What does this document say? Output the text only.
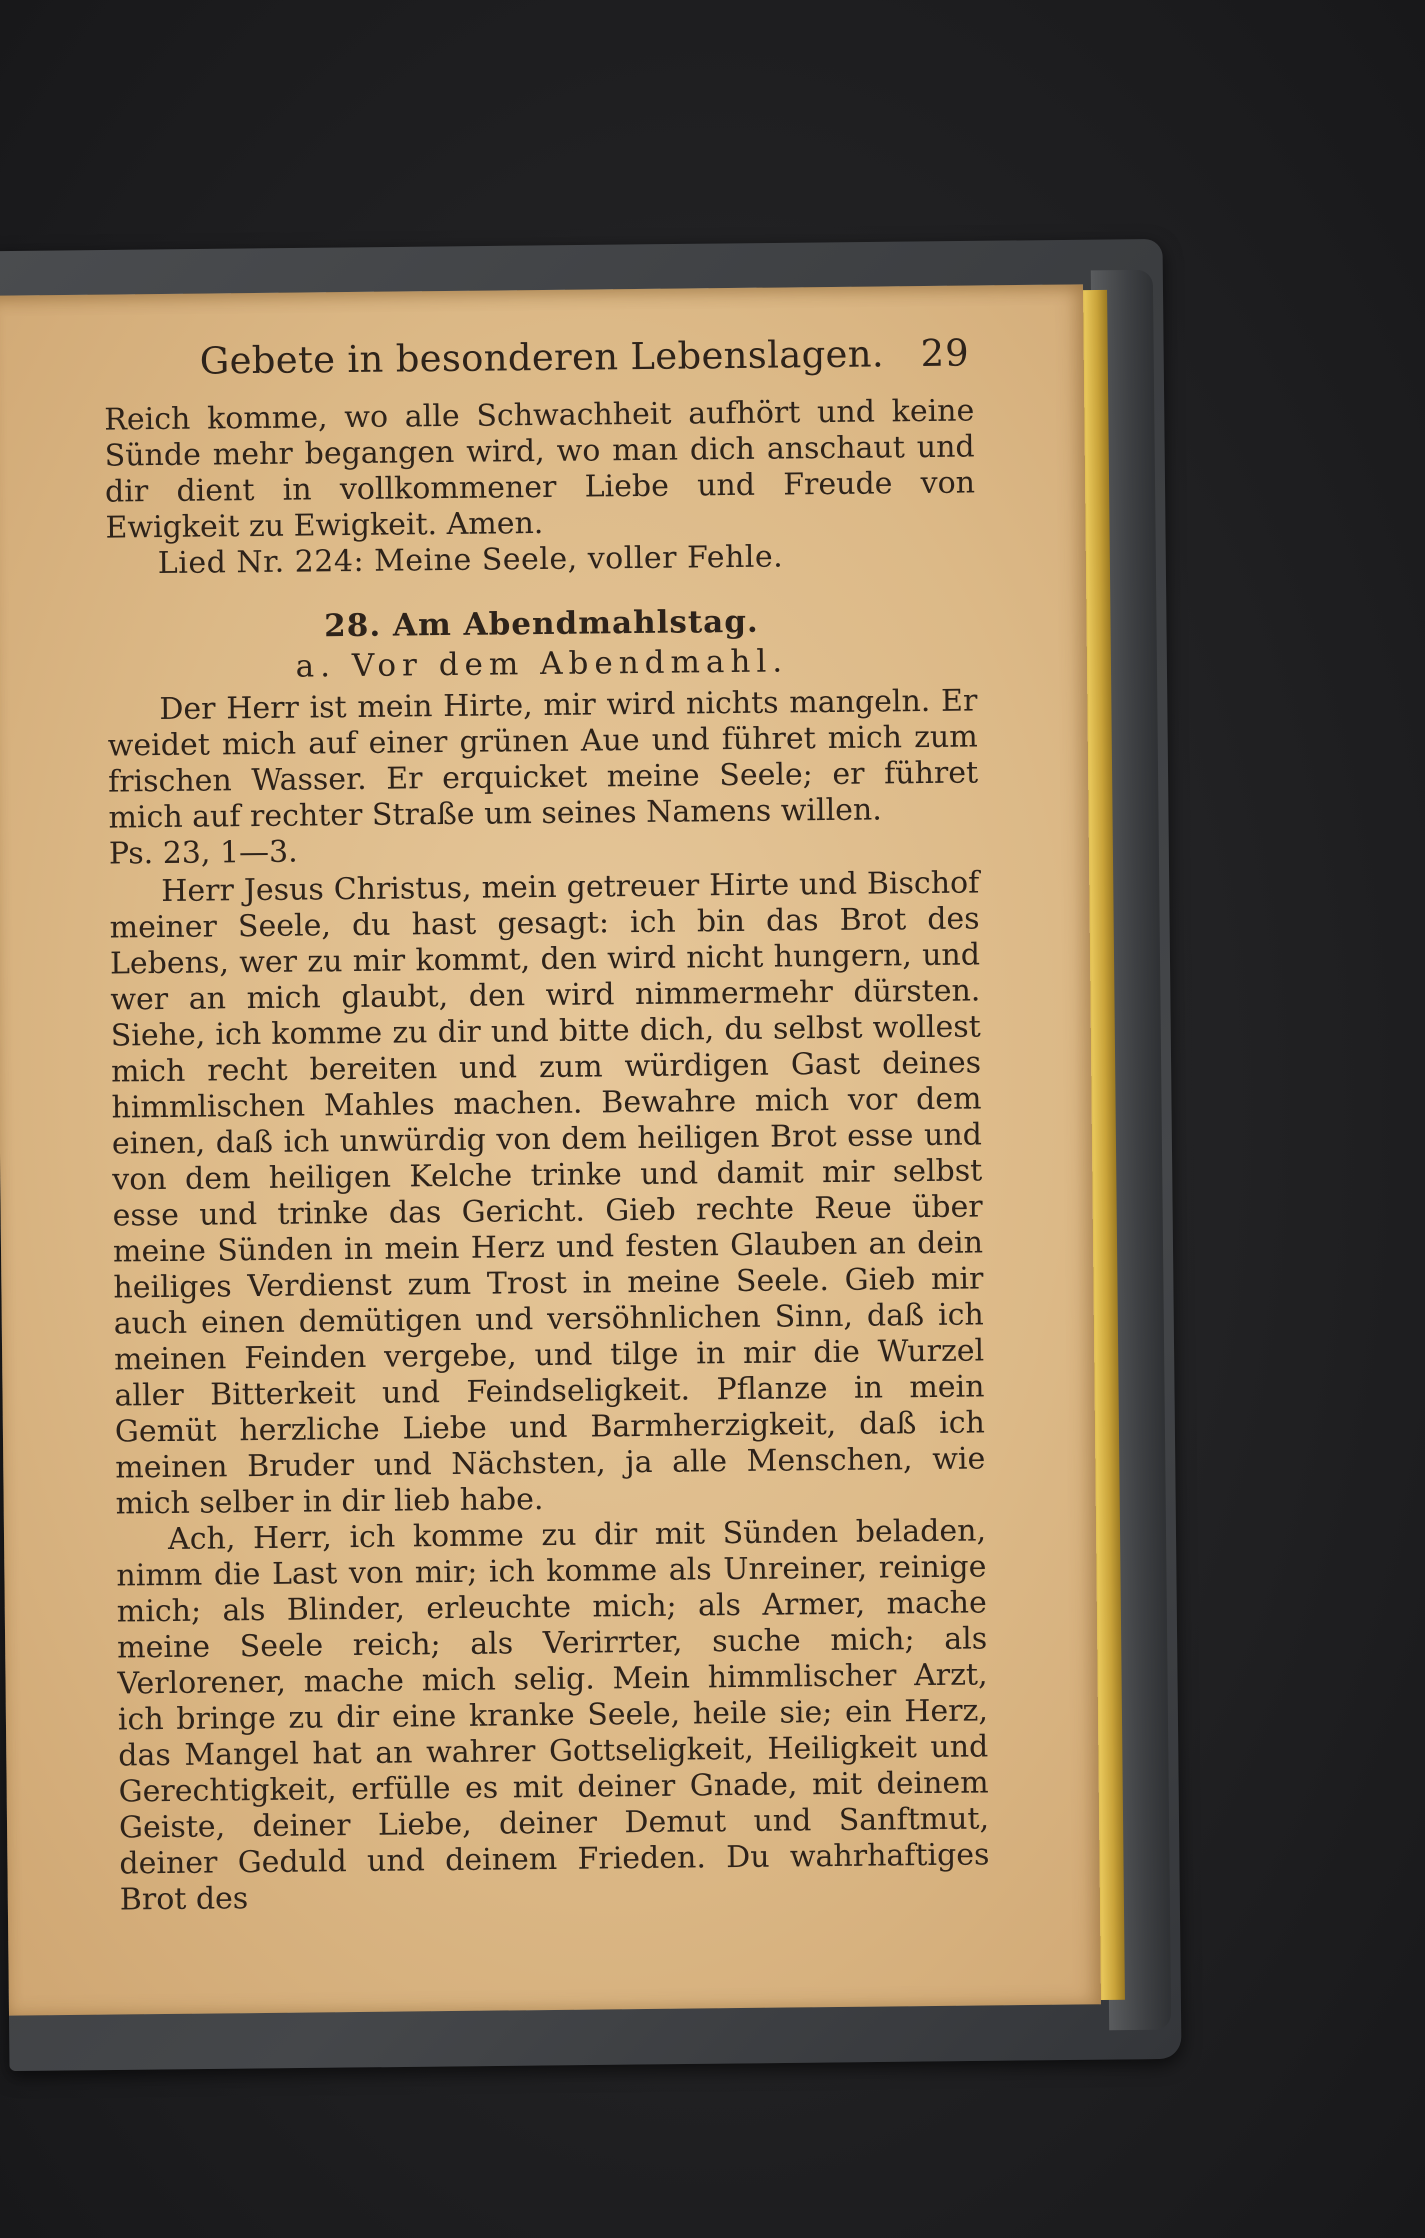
Gebete in besonderen Lebenslagen. 29

Reich komme, wo alle Schwachheit aufhört und keine Sünde mehr begangen wird, wo man dich anschaut und dir dient in vollkommener Liebe und Freude von Ewigkeit zu Ewigkeit. Amen.

Lied Nr. 224: Meine Seele, voller Fehle.

28. Am Abendmahlstag.
a. Vor dem Abendmahl.

Der Herr ist mein Hirte, mir wird nichts mangeln. Er weidet mich auf einer grünen Aue und führet mich zum frischen Wasser. Er erquicket meine Seele; er führet mich auf rechter Straße um seines Namens willen.

Ps. 23, 1—3.

Herr Jesus Christus, mein getreuer Hirte und Bischof meiner Seele, du hast gesagt: ich bin das Brot des Lebens, wer zu mir kommt, den wird nicht hungern, und wer an mich glaubt, den wird nimmermehr dürsten. Siehe, ich komme zu dir und bitte dich, du selbst wollest mich recht bereiten und zum würdigen Gast deines himmlischen Mahles machen. Bewahre mich vor dem einen, daß ich unwürdig von dem heiligen Brot esse und von dem heiligen Kelche trinke und damit mir selbst esse und trinke das Gericht. Gieb rechte Reue über meine Sünden in mein Herz und festen Glauben an dein heiliges Verdienst zum Trost in meine Seele. Gieb mir auch einen demütigen und versöhnlichen Sinn, daß ich meinen Feinden vergebe, und tilge in mir die Wurzel aller Bitterkeit und Feindseligkeit. Pflanze in mein Gemüt herzliche Liebe und Barmherzigkeit, daß ich meinen Bruder und Nächsten, ja alle Menschen, wie mich selber in dir lieb habe.

Ach, Herr, ich komme zu dir mit Sünden beladen, nimm die Last von mir; ich komme als Unreiner, reinige mich; als Blinder, erleuchte mich; als Armer, mache meine Seele reich; als Verirrter, suche mich; als Verlorener, mache mich selig. Mein himmlischer Arzt, ich bringe zu dir eine kranke Seele, heile sie; ein Herz, das Mangel hat an wahrer Gottseligkeit, Heiligkeit und Gerechtigkeit, erfülle es mit deiner Gnade, mit deinem Geiste, deiner Liebe, deiner Demut und Sanftmut, deiner Geduld und deinem Frieden. Du wahrhaftiges Brot des
